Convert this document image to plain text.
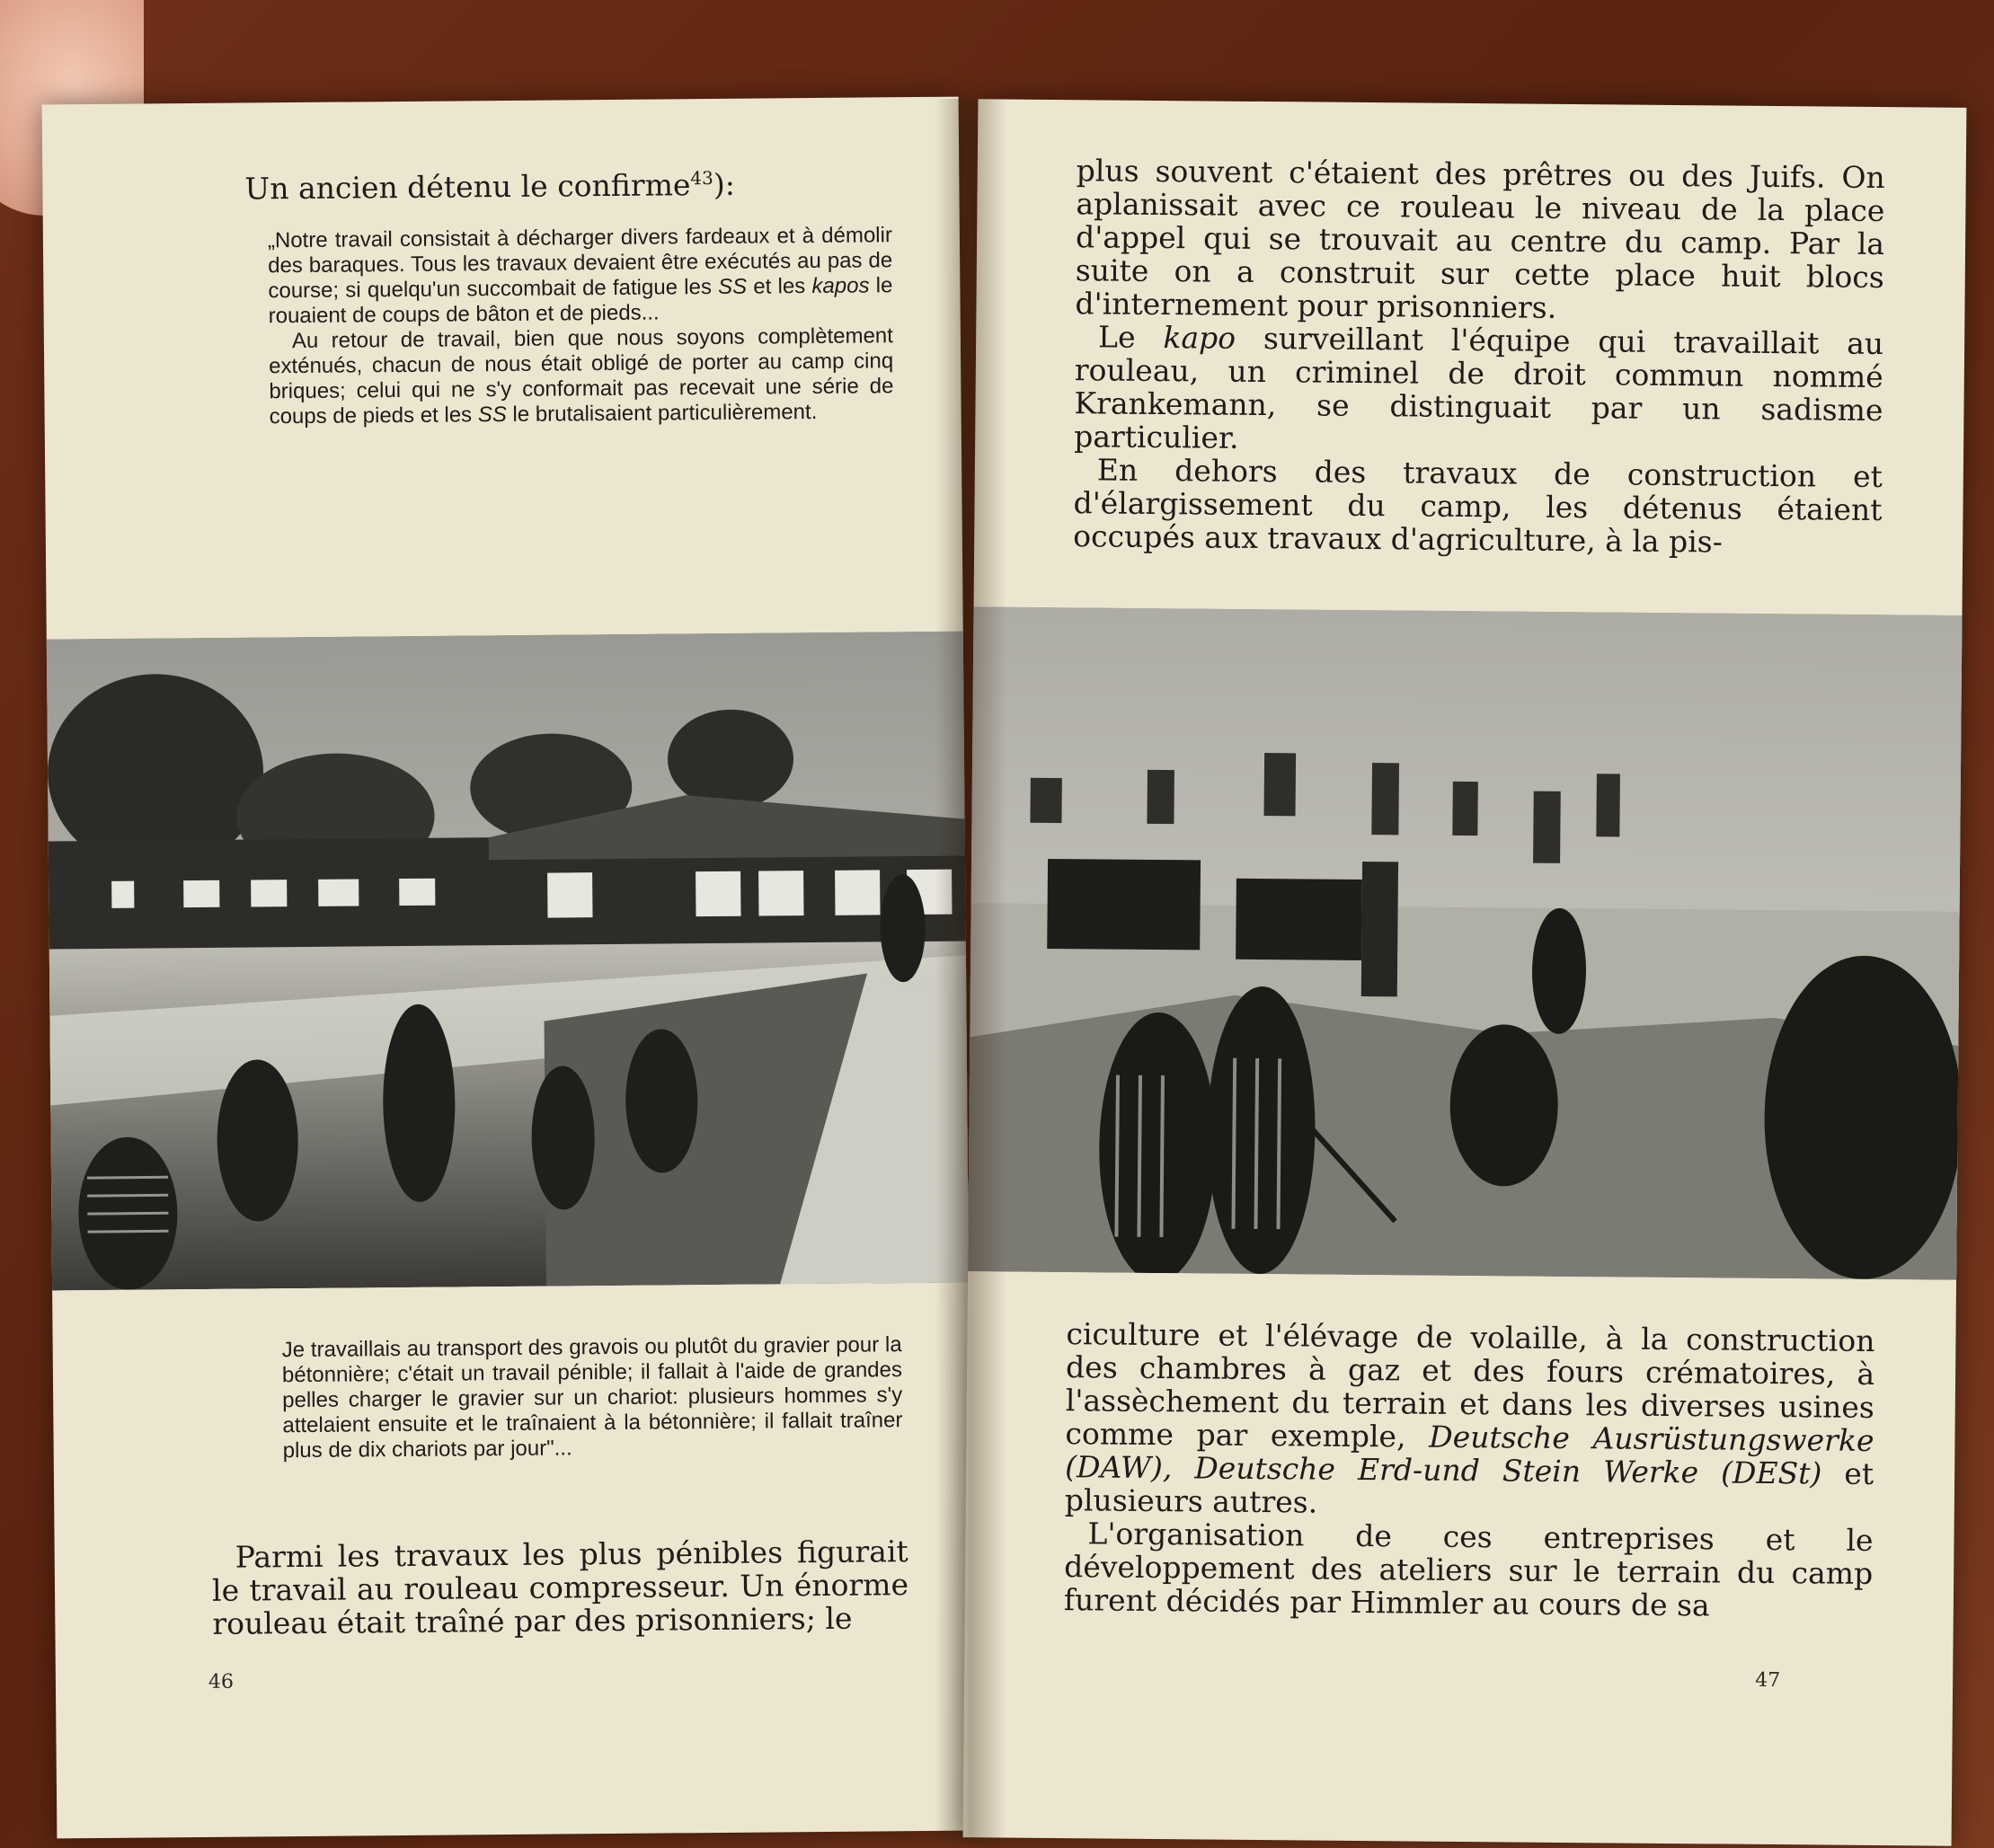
Un ancien détenu le confirme$^{43}$):
„Notre travail consistait à décharger divers fardeaux et à démolir des baraques. Tous les travaux devaient être exécutés au pas de course; si quelqu'un succombait de fatigue les SS et les kapos le rouaient de coups de bâton et de pieds...
Au retour de travail, bien que nous soyons complètement exténués, chacun de nous était obligé de porter au camp cinq briques; celui qui ne s'y conformait pas recevait une série de coups de pieds et les SS le brutalisaient particulièrement.
Je travaillais au transport des gravois ou plutôt du gravier pour la bétonnière; c'était un travail pénible; il fallait à l'aide de grandes pelles charger le gravier sur un chariot: plusieurs hommes s'y attelaient ensuite et le traînaient à la bétonnière; il fallait traîner plus de dix chariots par jour"...
Parmi les travaux les plus pénibles figurait le travail au rouleau compresseur. Un énorme rouleau était traîné par des prisonniers; le
46
plus souvent c'étaient des prêtres ou des Juifs. On aplanissait avec ce rouleau le niveau de la place d'appel qui se trouvait au centre du camp. Par la suite on a construit sur cette place huit blocs d'internement pour prisonniers.
Le kapo surveillant l'équipe qui travaillait au rouleau, un criminel de droit commun nommé Krankemann, se distinguait par un sadisme particulier.
En dehors des travaux de construction et d'élargissement du camp, les détenus étaient occupés aux travaux d'agriculture, à la pis-
ciculture et l'élévage de volaille, à la construction des chambres à gaz et des fours crématoires, à l'assèchement du terrain et dans les diverses usines comme par exemple, Deutsche Ausrüstungswerke (DAW), Deutsche Erd-und Stein Werke (DESt) et plusieurs autres.
L'organisation de ces entreprises et le développement des ateliers sur le terrain du camp furent décidés par Himmler au cours de sa
47
